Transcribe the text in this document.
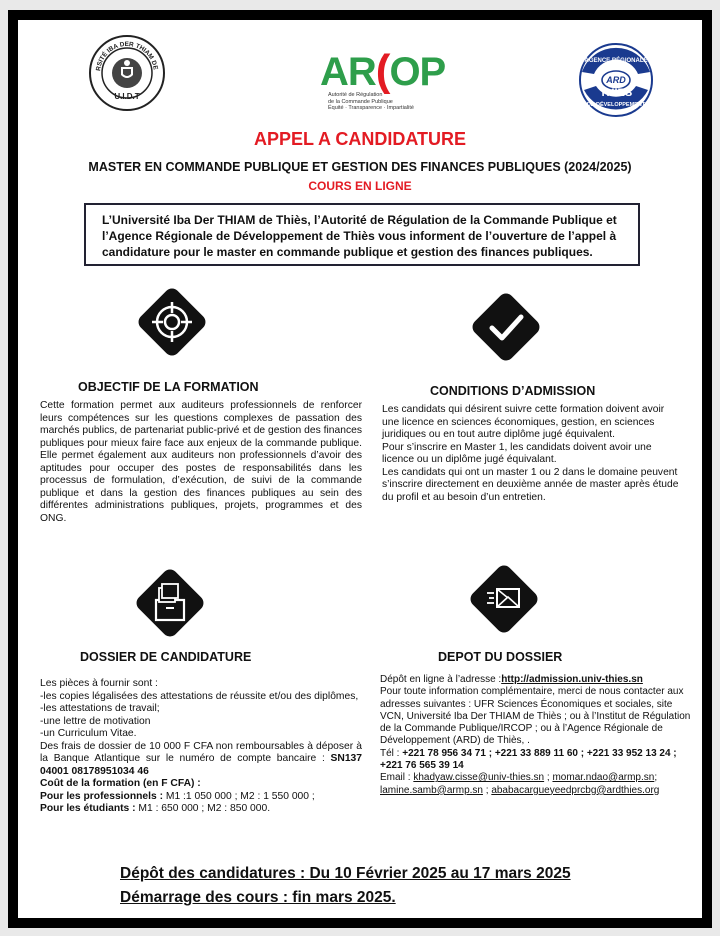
RSITÉ IBA DER THIAM DE
U.I.D.T
AR(OP
Autorité de Régulation
de la Commande Publique
Équité · Transparence · Impartialité
ARD
THIES
AGENCE RÉGIONALE
DE DÉVELOPPEMENT
APPEL A CANDIDATURE
MASTER EN COMMANDE PUBLIQUE ET GESTION DES FINANCES PUBLIQUES (2024/2025)
COURS EN LIGNE
L’Université Iba Der THIAM de Thiès, l’Autorité de Régulation de la Commande Publique et l’Agence Régionale de Développement de Thiès vous informent de l’ouverture de l’appel à candidature pour le master en commande publique et gestion des finances publiques.
OBJECTIF DE LA FORMATION	CONDITIONS D’ADMISSION
Cette formation permet aux auditeurs professionnels de renforcer leurs compétences sur les questions complexes de passation des marchés publics, de partenariat public-privé et de gestion des finances publiques pour mieux faire face aux enjeux de la commande publique. Elle permet également aux auditeurs non professionnels d’avoir des aptitudes pour occuper des postes de responsabilités dans les processus de formulation, d’exécution, de suivi de la commande publique et dans la gestion des finances publiques au sein des différentes administrations publiques, projets, programmes et des ONG.

Les candidats qui désirent suivre cette formation doivent avoir une licence en sciences économiques, gestion, en sciences juridiques ou en tout autre diplôme jugé équivalent.

Pour s’inscrire en Master 1, les candidats doivent avoir une licence ou un diplôme jugé équivalant.

Les candidats qui ont un master 1 ou 2 dans le domaine peuvent s’inscrire directement en deuxième année de master après étude du profil et au besoin d’un entretien.

DOSSIER DE CANDIDATURE	DEPOT DU DOSSIER

Les pièces à fournir sont :

-les copies légalisées des attestations de réussite et/ou des diplômes,

-les attestations de travail;

-une lettre de motivation

-un Curriculum Vitae.

Des frais de dossier de 10 000 F CFA non remboursables à déposer à la Banque Atlantique sur le numéro de compte bancaire : SN137 04001 08178951034 46

Coût de la formation (en F CFA) :

Pour les professionnels : M1 :1 050 000 ; M2 : 1 550 000 ;

Pour les étudiants : M1 : 650 000 ; M2 : 850 000.

Dépôt en ligne à l’adresse :http://admission.univ-thies.sn

Pour toute information complémentaire, merci de nous contacter aux adresses suivantes : UFR Sciences Économiques et sociales, site VCN, Université Iba Der THIAM de Thiès ; ou à l’Institut de Régulation de la Commande Publique/IRCOP ; ou à l’Agence Régionale de Développement (ARD) de Thiès, .

Tél : +221 78 956 34 71 ; +221 33 889 11 60 ; +221 33 952 13 24 ; +221 76 565 39 14

Email : khadyaw.cisse@univ-thies.sn ; momar.ndao@armp.sn; lamine.samb@armp.sn ; ababacargueyeedprcbg@ardthies.org

Dépôt des candidatures : Du 10 Février 2025 au 17 mars 2025
Démarrage des cours : fin mars 2025.
